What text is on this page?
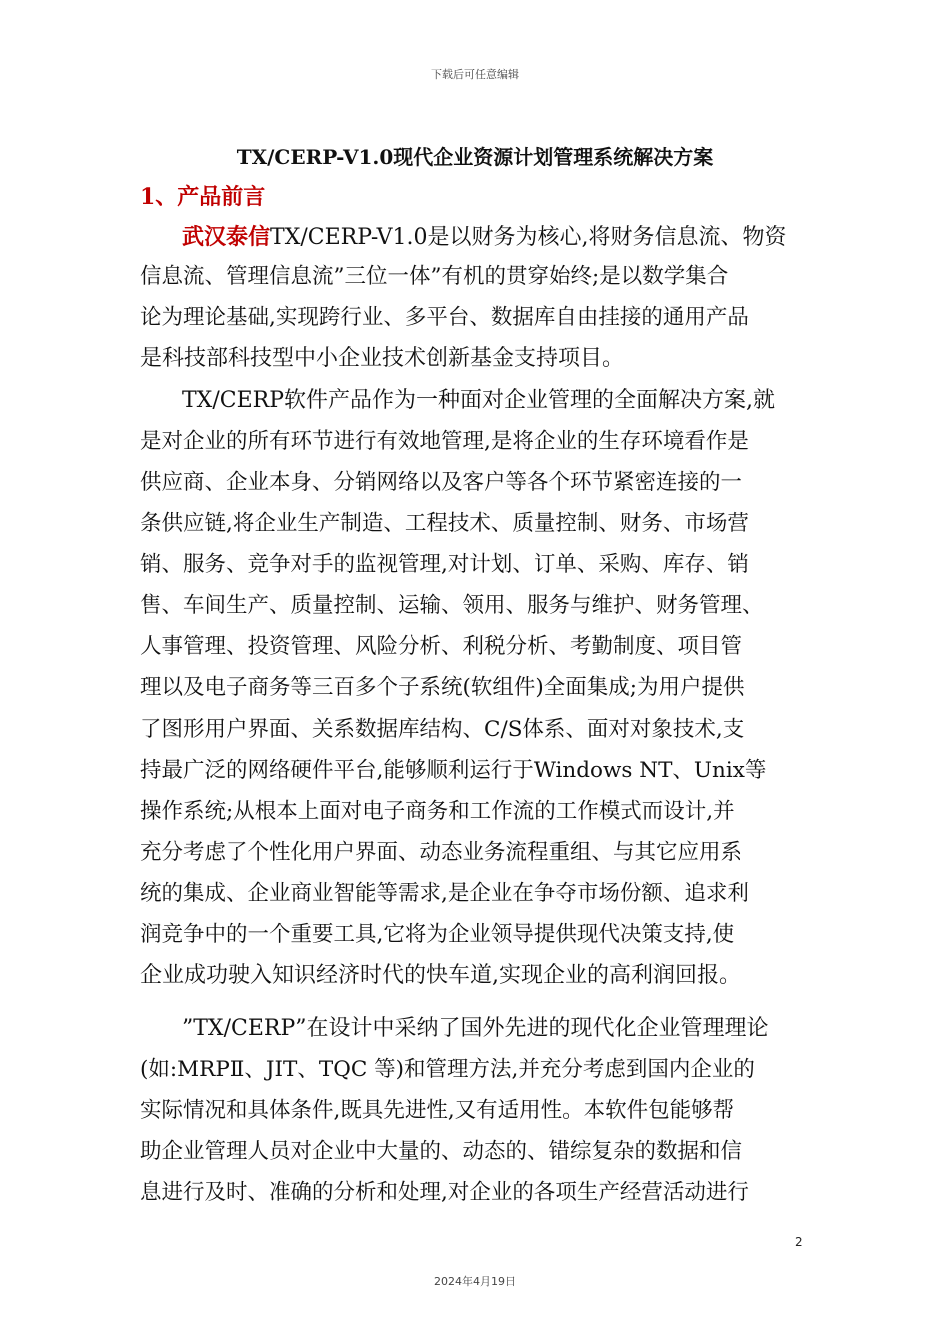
下载后可任意编辑
TX/CERP-V1.0现代企业资源计划管理系统解决方案
1、产品前言
武汉泰信TX/CERP-V1.0是以财务为核心,将财务信息流、物资
信息流、管理信息流”三位一体”有机的贯穿始终;是以数学集合
论为理论基础,实现跨行业、多平台、数据库自由挂接的通用产品
是科技部科技型中小企业技术创新基金支持项目。
TX/CERP软件产品作为一种面对企业管理的全面解决方案,就
是对企业的所有环节进行有效地管理,是将企业的生存环境看作是
供应商、企业本身、分销网络以及客户等各个环节紧密连接的一
条供应链,将企业生产制造、工程技术、质量控制、财务、市场营
销、服务、竞争对手的监视管理,对计划、订单、采购、库存、销
售、车间生产、质量控制、运输、领用、服务与维护、财务管理、
人事管理、投资管理、风险分析、利税分析、考勤制度、项目管
理以及电子商务等三百多个子系统(软组件)全面集成;为用户提供
了图形用户界面、关系数据库结构、C/S体系、面对对象技术,支
持最广泛的网络硬件平台,能够顺利运行于Windows NT、Unix等
操作系统;从根本上面对电子商务和工作流的工作模式而设计,并
充分考虑了个性化用户界面、动态业务流程重组、与其它应用系
统的集成、企业商业智能等需求,是企业在争夺市场份额、追求利
润竞争中的一个重要工具,它将为企业领导提供现代决策支持,使
企业成功驶入知识经济时代的快车道,实现企业的高利润回报。
”TX/CERP”在设计中采纳了国外先进的现代化企业管理理论
(如:MRPⅡ、JIT、TQC 等)和管理方法,并充分考虑到国内企业的
实际情况和具体条件,既具先进性,又有适用性。本软件包能够帮
助企业管理人员对企业中大量的、动态的、错综复杂的数据和信
息进行及时、准确的分析和处理,对企业的各项生产经营活动进行
2
2024年4月19日
